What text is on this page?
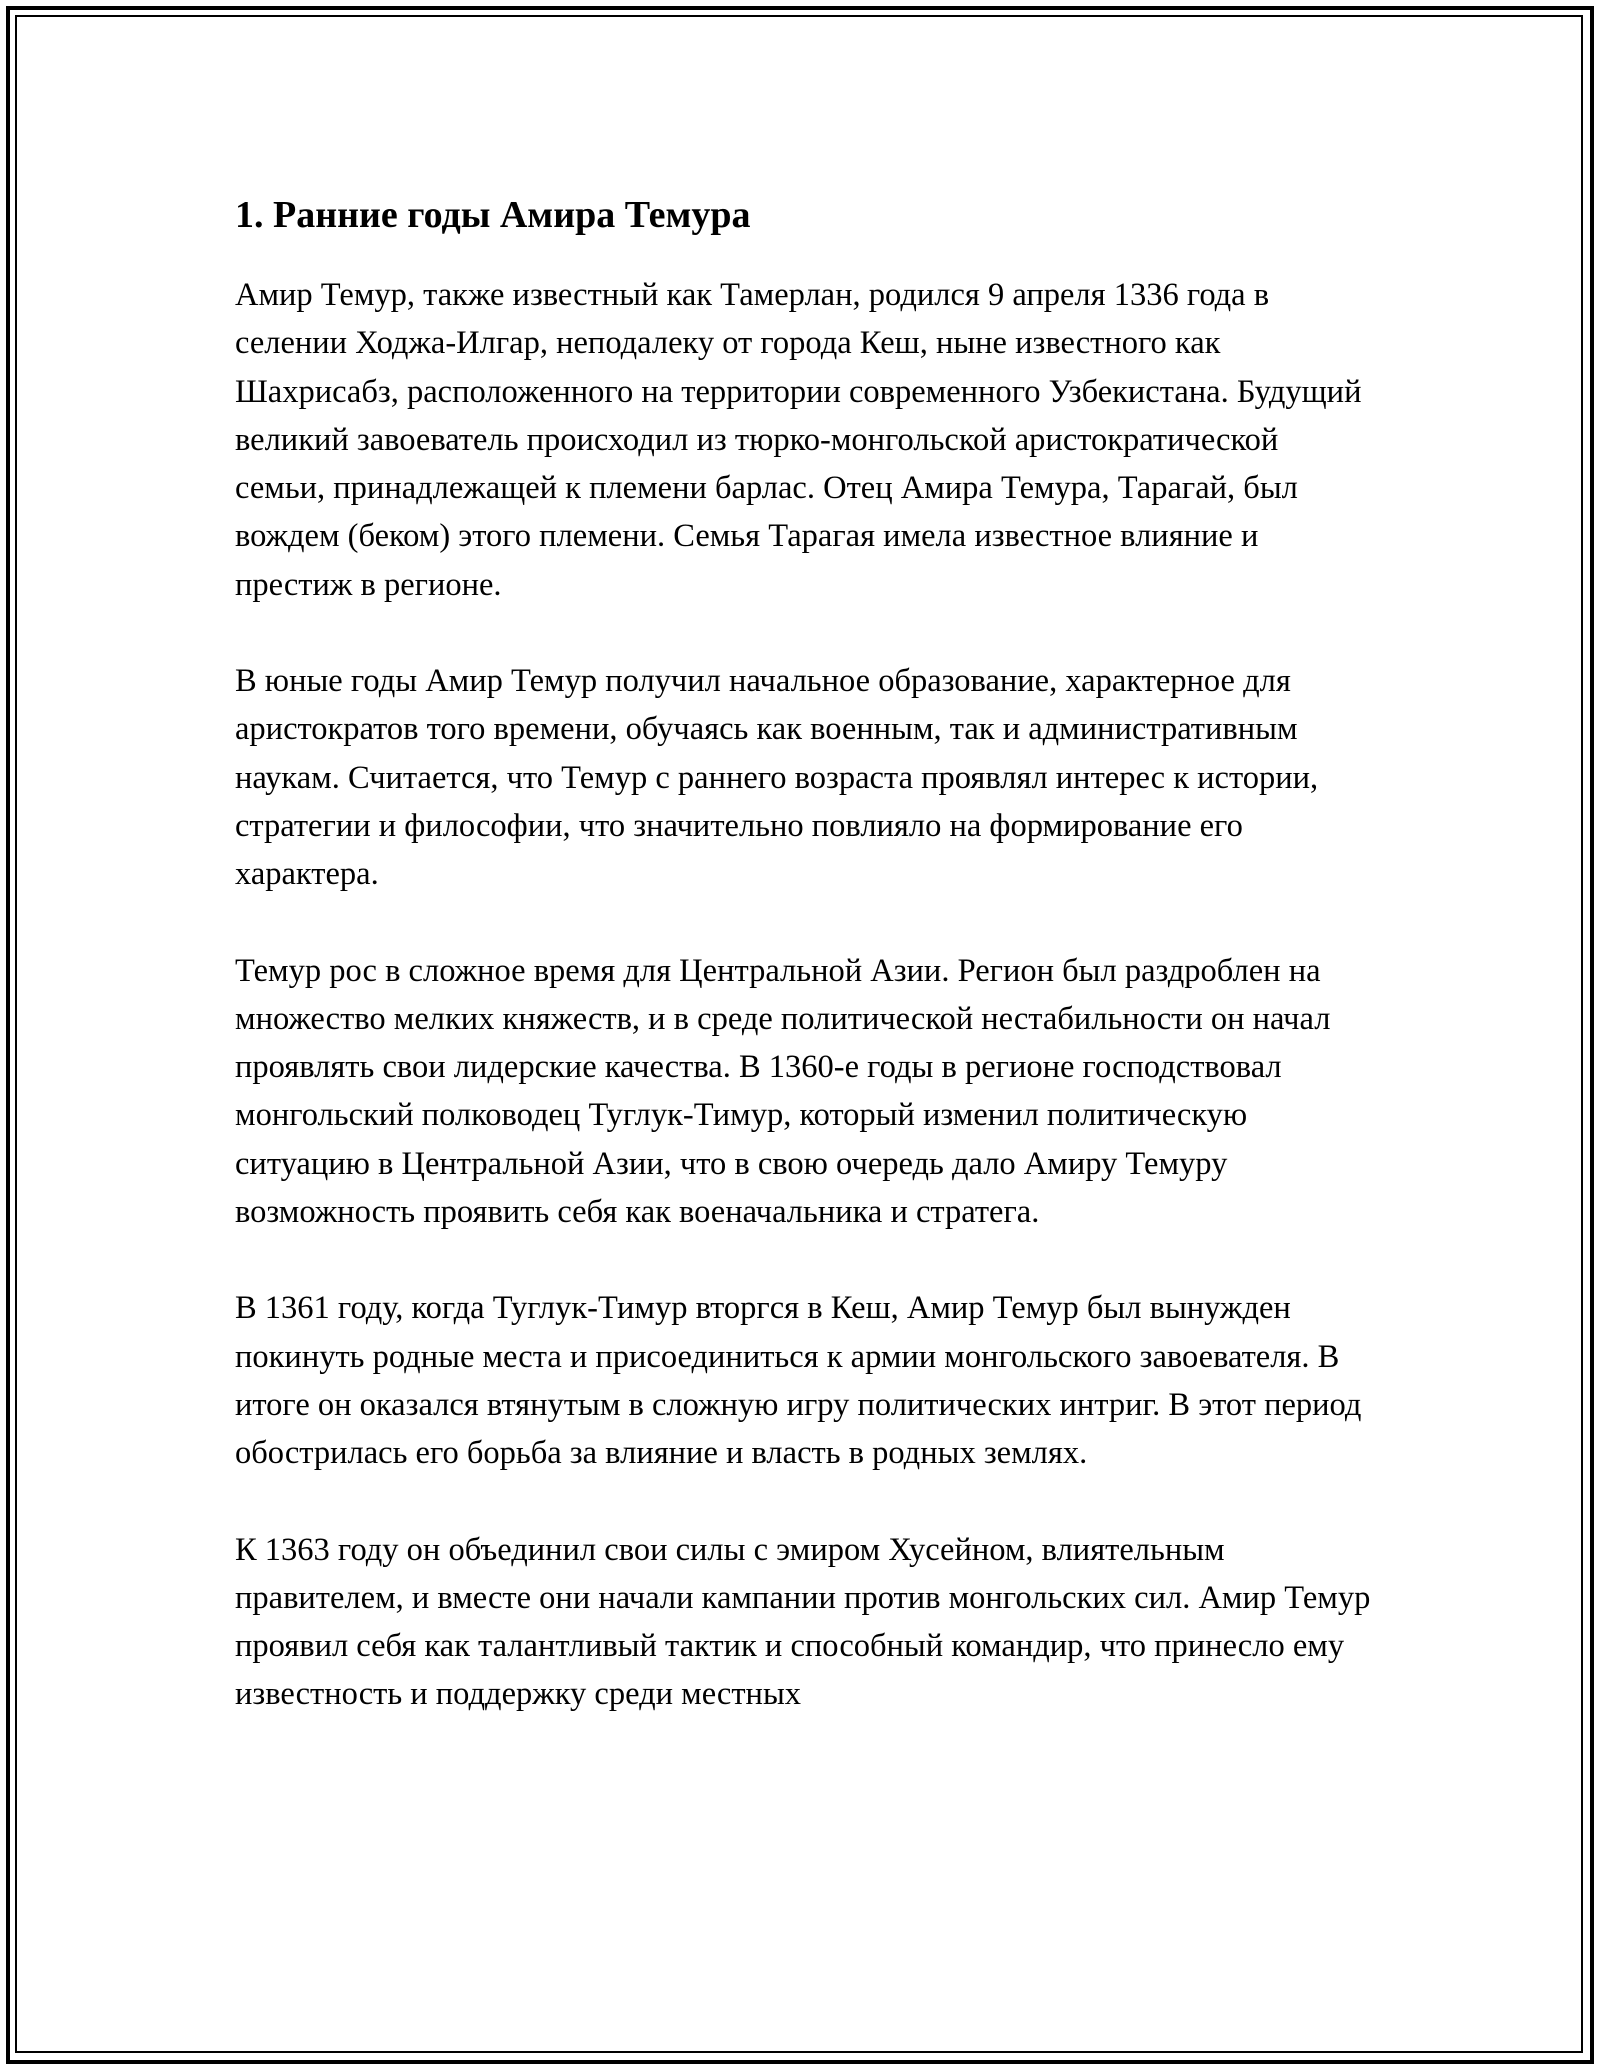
1. Ранние годы Амира Темура

Амир Темур, также известный как Тамерлан, родился 9 апреля 1336 года в селении Ходжа-Илгар, неподалеку от города Кеш, ныне известного как Шахрисабз, расположенного на территории современного Узбекистана. Будущий великий завоеватель происходил из тюрко-монгольской аристократической семьи, принадлежащей к племени барлас. Отец Амира Темура, Тарагай, был вождем (беком) этого племени. Семья Тарагая имела известное влияние и престиж в регионе.

В юные годы Амир Темур получил начальное образование, характерное для аристократов того времени, обучаясь как военным, так и административным наукам. Считается, что Темур с раннего возраста проявлял интерес к истории, стратегии и философии, что значительно повлияло на формирование его характера.

Темур рос в сложное время для Центральной Азии. Регион был раздроблен на множество мелких княжеств, и в среде политической нестабильности он начал проявлять свои лидерские качества. В 1360-е годы в регионе господствовал монгольский полководец Туглук-Тимур, который изменил политическую ситуацию в Центральной Азии, что в свою очередь дало Амиру Темуру возможность проявить себя как военачальника и стратега.

В 1361 году, когда Туглук-Тимур вторгся в Кеш, Амир Темур был вынужден покинуть родные места и присоединиться к армии монгольского завоевателя. В итоге он оказался втянутым в сложную игру политических интриг. В этот период обострилась его борьба за влияние и власть в родных землях.

К 1363 году он объединил свои силы с эмиром Хусейном, влиятельным правителем, и вместе они начали кампании против монгольских сил. Амир Темур проявил себя как талантливый тактик и способный командир, что принесло ему известность и поддержку среди местных
